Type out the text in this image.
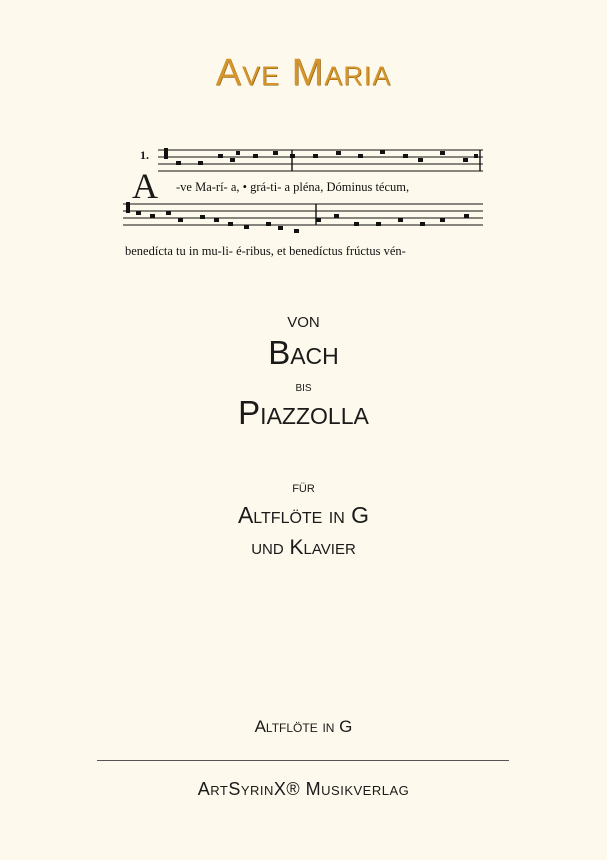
Ave Maria
1.
A -ve Ma-rí- a, • grá-ti- a pléna, Dóminus técum,
benedícta tu in mu-li- é-ribus, et benedíctus frúctus vén-
von
Bach
bis
Piazzolla
für
Altflöte in G
und Klavier
Altflöte in G
ArtSyrinX® Musikverlag
